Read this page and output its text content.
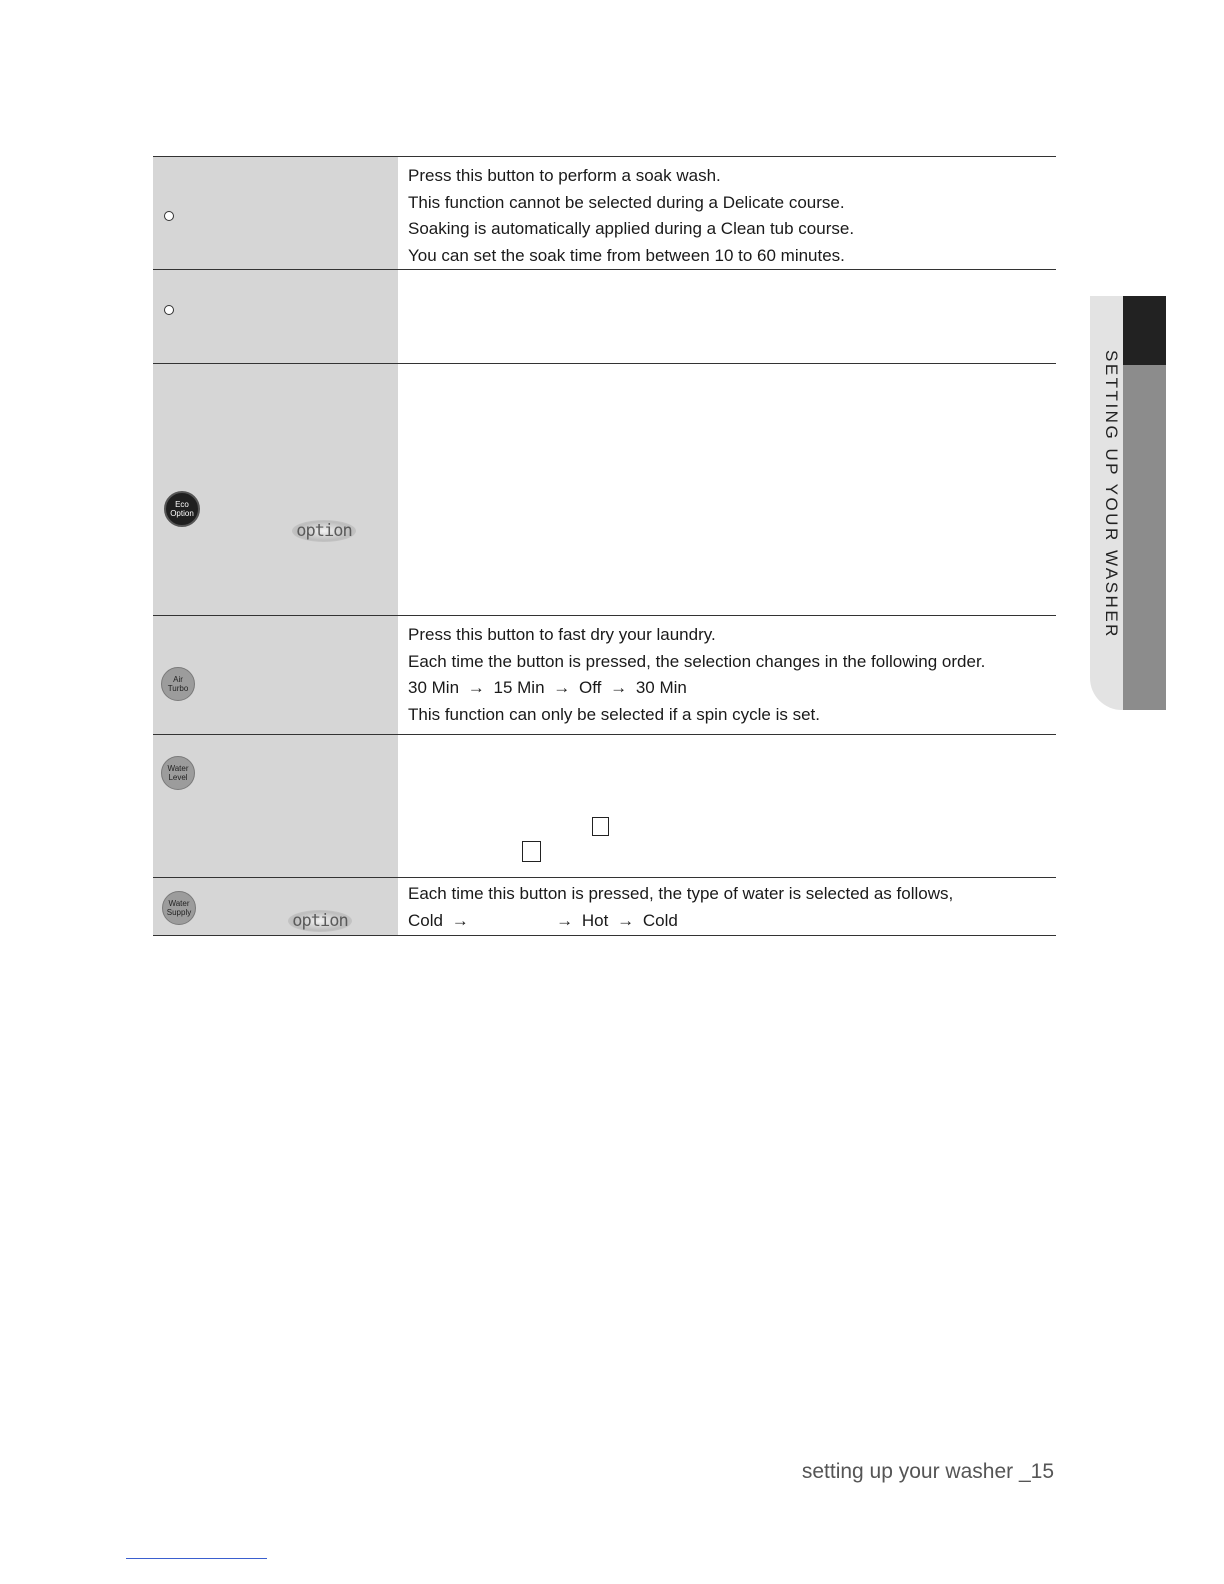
Press this button to perform a soak wash.
This function cannot be selected during a Delicate course.
Soaking is automatically applied during a Clean tub course.
You can set the soak time from between 10 to 60 minutes.
Eco
Option
option
Air
Turbo
Press this button to fast dry your laundry.
Each time the button is pressed, the selection changes in the following order.
30 Min → 15 Min → Off → 30 Min
This function can only be selected if a spin cycle is set.
Water
Level
Water
Supply	option
Each time this button is pressed, the type of water is selected as follows,
Cold →	→ Hot → Cold
SETTING UP YOUR WASHER
setting up your washer _15
